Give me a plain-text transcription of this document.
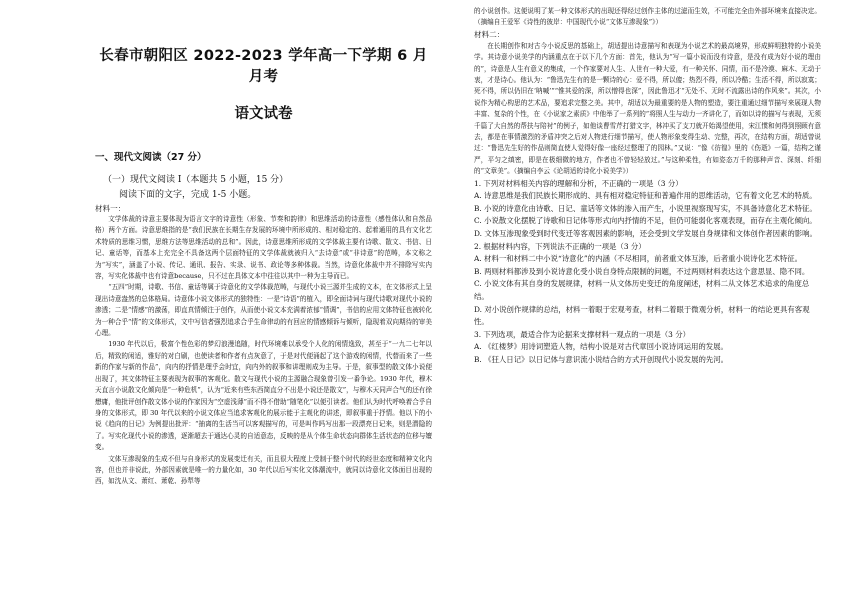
长春市朝阳区 2022-2023 学年高一下学期 6 月月考
语文试卷
一、现代文阅读（27 分）
（一）现代文阅读 I（本题共 5 小题，15 分）
阅读下面的文字，完成 1-5 小题。
材料一：

文学体裁的诗意主要体现为语言文字的诗意性（形象、节奏和韵律）和思维活动的诗意性（感性体认和自然品格）两个方面。诗意思维指的是“我们民族在长期生存发展的环境中所形成的、相对稳定的、起着通用的具有文化艺术特质的思维习惯，思维方法等思维活动的总和”。因此，诗意思维所形成的文学体裁主要有诗歌、散文、书信、日记、童话等，而基本上充完全不具备这两个层面特征的文学体裁就被归入“去诗意”或“非诗意”的范畴，本文称之为“写实”，涵盖了小说、传记、通讯、报告、实录、说书、政论等多种体裁。当然，诗意化体裁中并不排除写实内容，写实化体裁中也有诗意because，只不过在具体文本中往往以其中一种为主导而已。

“五四”时期，诗歌、书信、童话等属于诗意化的文学体裁范畴，与现代小说三源并生成的文本，在文体形式上呈现出诗意盎然的总体格局。诗意体小说文体形式的独特性：一是“诗语”的植入，即全面诗词与现代诗歌对现代小说的渗透；二是“情感”的激荡，即直真情倾注于创作，从而使小说文本充满着浓郁“情调”，书信的应用文体特征也被转化为一种合乎“情”的文体形式，文中写信者强烈追求合乎生命律动的有回应的情感倾诉与倾听，隐现着双向期待的审美心理。

1930 年代以后，极富个性色彩的梦幻浪漫追随，时代环境难以承受个人化的闲情逸致，甚至于“一九二七年以后，精致的闲适，雅好的对白刷，也使读者和作者有点灰意了，于是对代便涌起了这个游戏的闲情，代替而来了一些新的作家与新的作品”，向内的抒情是理乎会时宜，向内外的叙事和讲理则成为主导。于是，叙事型的散文体小说便出现了，其文体特征主要表现为叙事的客观化。散文与现代小说的主源融合现象曾引发一番争论。1930 年代，穆木天直言小说散文化倾向是“一种危机”，认为“近来有些东西简直分不出是小说还是散文”，与穆木天同声合气的还有徐懋庸，他批评创作散文体小说的作家因为“空虚浅薄”而不得不借助“随笔化”以便引读者。他们认为时代呼唤着合乎自身的文体形式，即 30 年代以来的小说文体应当追求客观化的展示能于主观化的讲述，即叙事重于抒情。他以下的小说《趋向的日记》为例提出批评：“抽离的生活当可以客观描写的，可是叫作吗写出那一段漂亮日记来，则是潜隐的了。写实化现代小说的渗透，逐渐超去于通达心灵的自适意态，反映的是从个体生命状态向群体生活状态的位移与嬗变。

文体互渗现象的生成不但与自身形式的发展变迁有关，而且很大程度上受制于整个时代的经世态度和精神文化内容，但也并非说此，外部因素就是唯一的力量化如，30 年代以后写实化文体潮流中，就同以诗意化文体面目出现的西，如沈从文、萧红、萧乾、孙犁等

的小说创作。这便说明了某一种文体形式的出现还得经过创作主体的过滤而生效，不可能完全由外部环境来直接决定。（摘编自王爱军《诗性的彼岸：中国现代小说“文体互渗现象”》）

材料二：

在长期创作和对古今小说反思的基础上，胡适提出诗意描写和表现为小说艺术的最高境界，形成鲜明独特的小说美学。其诗意小说美学的内涵重点在于以下几个方面：首先，他认为“写一篇小说而没有诗意，是没有成为好小说的理由的”，诗意是人生有意义的集成，一个作家要对人生、人世有一种大爱，有一种关怀、同情，而不是冷漠、麻木、无动于衷，才是诗心。他认为：“鲁迅先生有的是一颗诗的心：爱不得，所以傻；热烈不得，所以冷酷；生活不得，所以寂寞；死不得，所以仍旧在‘呐喊’”“惟其爱的深，所以憎得也深”，因此鲁迅才“无处不、无时不流露出诗的作风来”。其次，小说作为精心构思的艺术品，要追求完整之美。其中，胡适以为最重要的是人物的塑造，要注重通过细节描写来展现人物丰富、复杂的个性，在《小说家之素质》中他举了一系列的“将照人生与动力一齐讲化了，而如以诗的描写与表现，无须千篇了大自然的帮扶与陪衬”的例子，如他谈曹雪芹打猎文字，林冲买了支刀就开始渴望使用，宋江惯和何得到照顾有意去，都是在事情激烈的矛盾冲突之后对人物进行细节描写，使人物形象变得生动、完整，再次，在结构方面，胡适曾说过：“鲁迅先生好的作品则简直使人觉得好像一座经过整理了的园林。”又说：“像《彷徨》里的《伤逝》一篇，结构之谨严，平匀之缜密，即是在极细微的地方，作者也不曾轻轻放过。”与这种柔性，有如姿态万千的那种声音、深刻、纤细的“文章美”。（摘编自李云《论胡适的诗化小说美学》）

1. 下列对材料相关内容的理解和分析，不正确的一项是（3 分）

A. 诗意思维是我们民族长期形成的、具有相对稳定特征和普遍作用的思维活动，它有着文化艺术的特质。

B. 小说的诗意化由诗歌、日记、童话等文体的渗入而产生，小说里视察现写实，不具备诗意化艺术特征。

C. 小说散文化摆脱了诗歌和日记体等形式向内抒情的不足，但仍可能弱化客观表现，而存在主观化倾向。

D. 文体互渗现象受到时代变迁等客观因素的影响，还会受到文学发展自身规律和文体创作者因素的影响。

2. 根据材料内容，下列说法不正确的一项是（3 分）

A. 材料一和材料二中小说“诗意化”的内涵（不尽相同，前者重文体互渗，后者重小说诗化艺术特征。

B. 两则材料都涉及到小说诗意化受小说自身特点限制的问题，不过两则材料表达这个意思显、隐不同。

C. 小说文体有其自身的发展规律，材料一从文体历史变迁的角度阐述，材料二从文体艺术追求的角度总结。

D. 对小说创作规律的总结，材料一着眼于宏观考查，材料二着眼于微观分析，材料一的结论更具有客观性。

3. 下列选项，最适合作为论据来支撑材料一观点的一项是（3 分）

A. 《红楼梦》用诗词塑造人物，结构小说是对古代章回小说诗词运用的发展。

B. 《狂人日记》以日记体与意识流小说结合的方式开创现代小说发展的先河。
